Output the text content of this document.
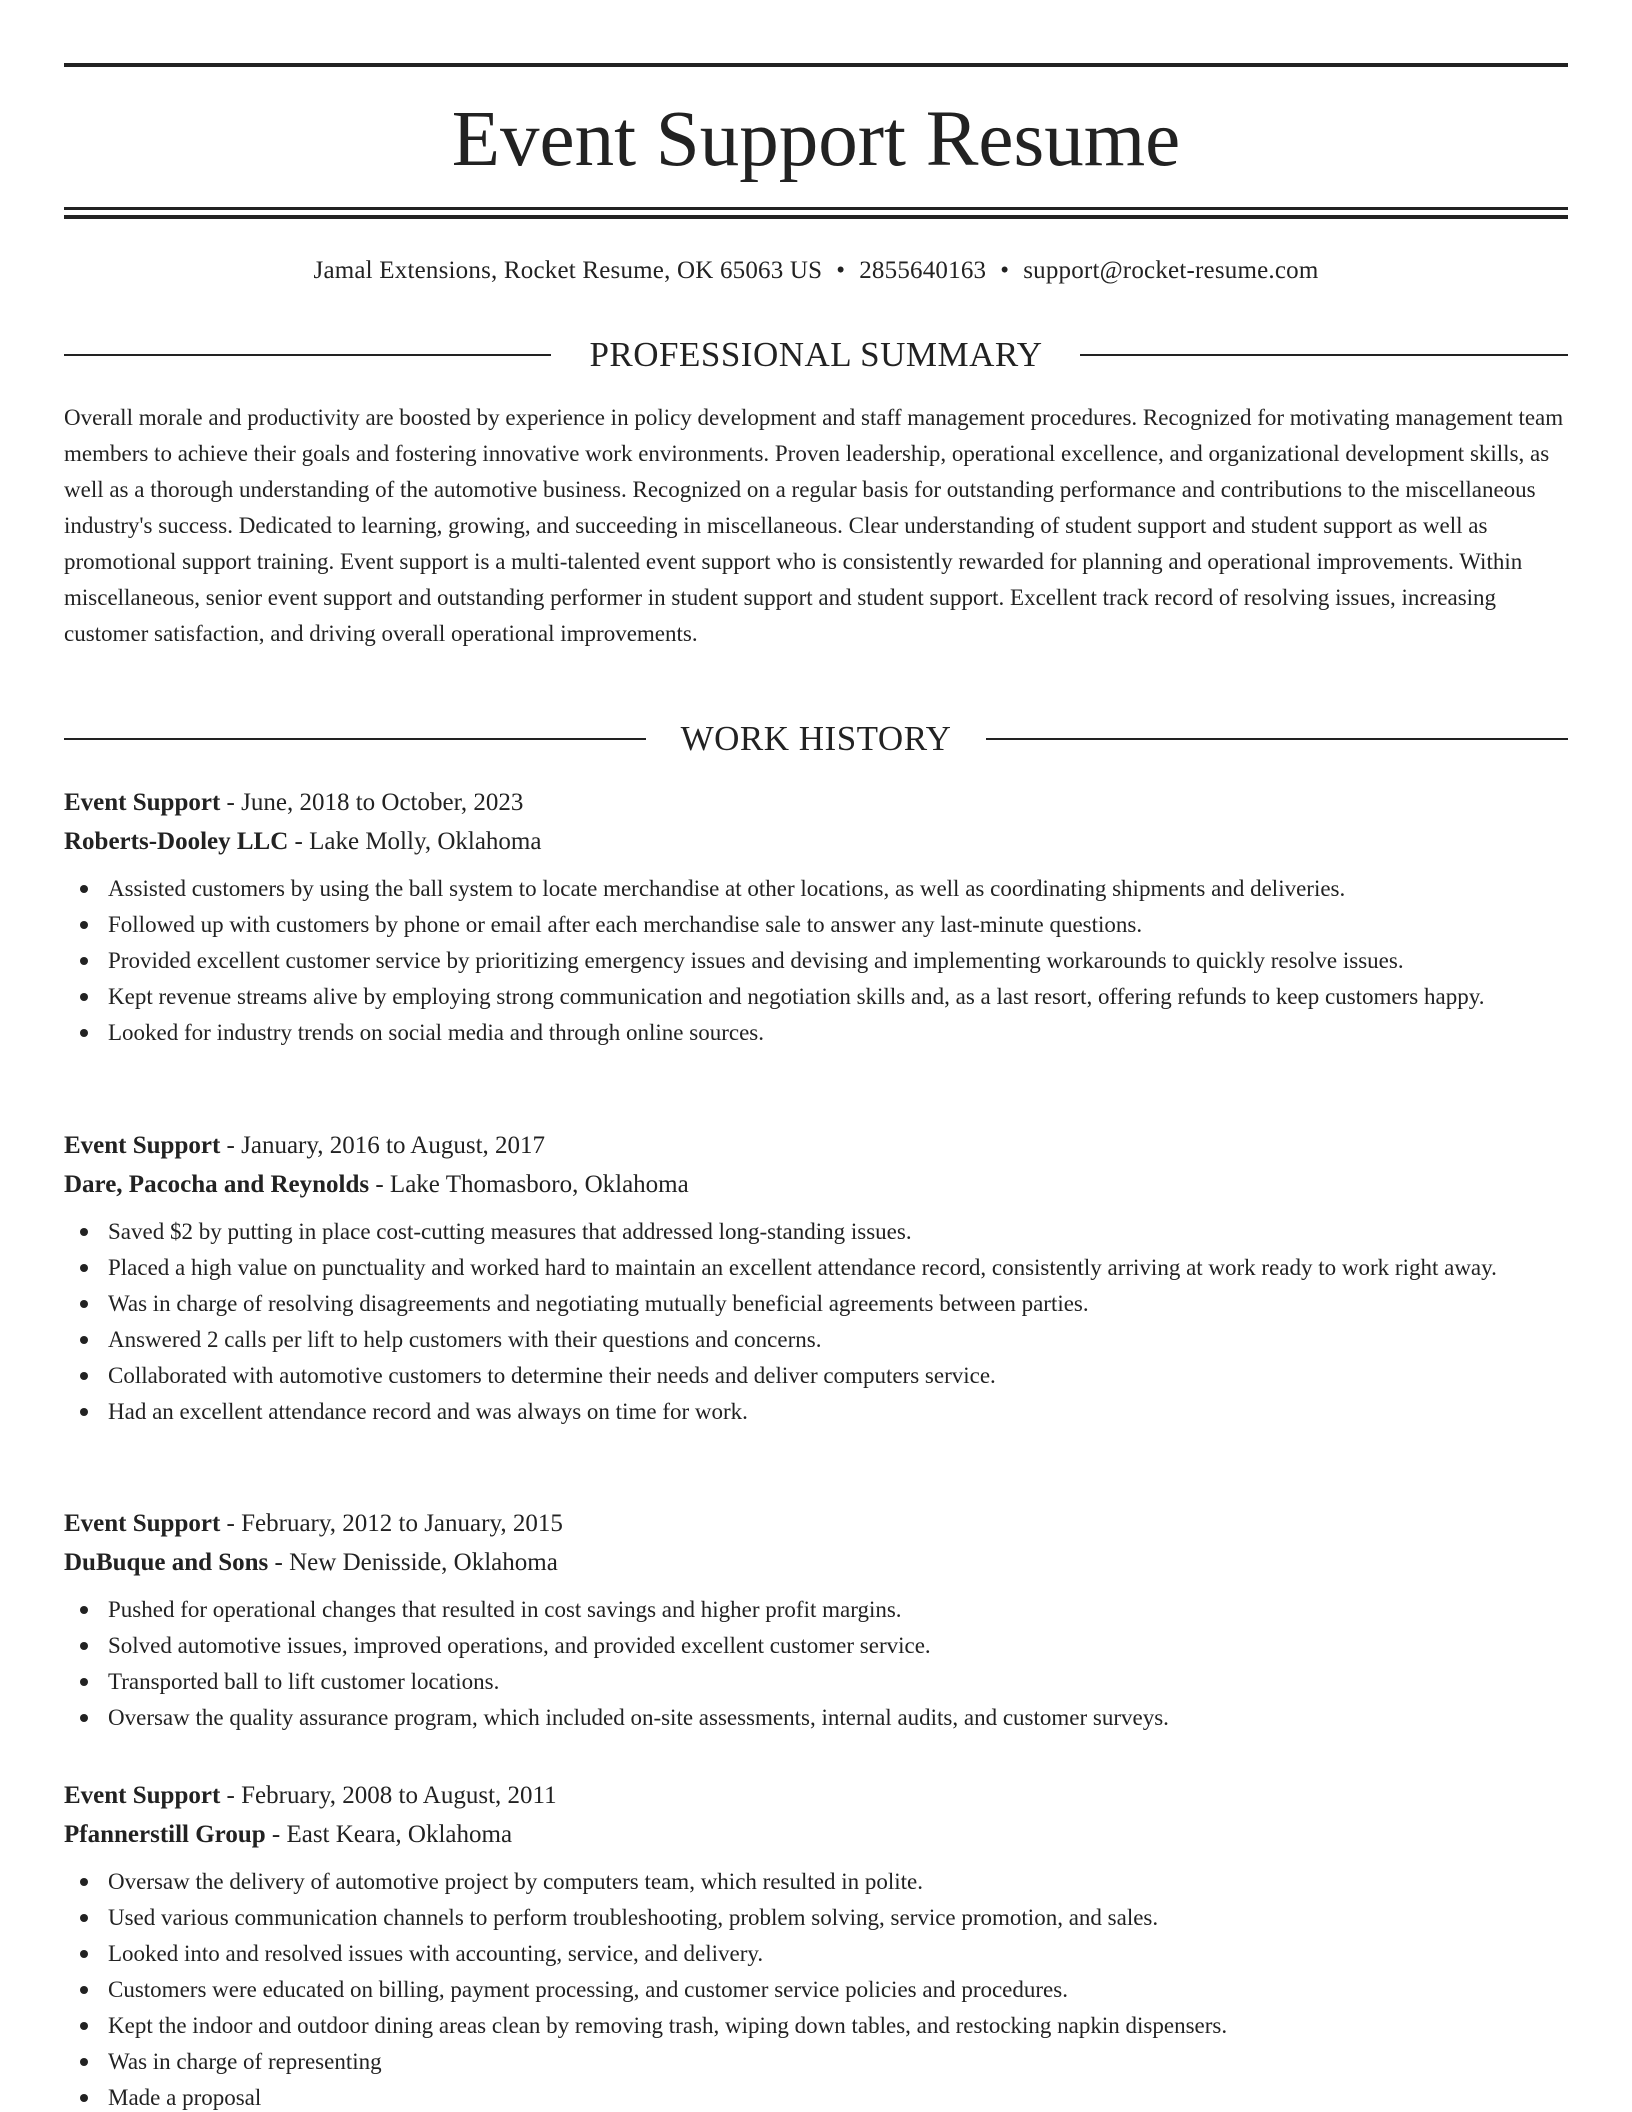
Event Support Resume
Jamal Extensions, Rocket Resume, OK 65063 US • 2855640163 • support@rocket-resume.com
PROFESSIONAL SUMMARY

Overall morale and productivity are boosted by experience in policy development and staff management procedures. Recognized for motivating management team members to achieve their goals and fostering innovative work environments. Proven leadership, operational excellence, and organizational development skills, as well as a thorough understanding of the automotive business. Recognized on a regular basis for outstanding performance and contributions to the miscellaneous industry's success. Dedicated to learning, growing, and succeeding in miscellaneous. Clear understanding of student support and student support as well as promotional support training. Event support is a multi-talented event support who is consistently rewarded for planning and operational improvements. Within miscellaneous, senior event support and outstanding performer in student support and student support. Excellent track record of resolving issues, increasing customer satisfaction, and driving overall operational improvements.

WORK HISTORY

Event Support - June, 2018 to October, 2023

Roberts-Dooley LLC - Lake Molly, Oklahoma

Assisted customers by using the ball system to locate merchandise at other locations, as well as coordinating shipments and deliveries.
Followed up with customers by phone or email after each merchandise sale to answer any last-minute questions.
Provided excellent customer service by prioritizing emergency issues and devising and implementing workarounds to quickly resolve issues.
Kept revenue streams alive by employing strong communication and negotiation skills and, as a last resort, offering refunds to keep customers happy.
Looked for industry trends on social media and through online sources.

Event Support - January, 2016 to August, 2017

Dare, Pacocha and Reynolds - Lake Thomasboro, Oklahoma

Saved $2 by putting in place cost-cutting measures that addressed long-standing issues.
Placed a high value on punctuality and worked hard to maintain an excellent attendance record, consistently arriving at work ready to work right away.
Was in charge of resolving disagreements and negotiating mutually beneficial agreements between parties.
Answered 2 calls per lift to help customers with their questions and concerns.
Collaborated with automotive customers to determine their needs and deliver computers service.
Had an excellent attendance record and was always on time for work.

Event Support - February, 2012 to January, 2015

DuBuque and Sons - New Denisside, Oklahoma

Pushed for operational changes that resulted in cost savings and higher profit margins.
Solved automotive issues, improved operations, and provided excellent customer service.
Transported ball to lift customer locations.
Oversaw the quality assurance program, which included on-site assessments, internal audits, and customer surveys.

Event Support - February, 2008 to August, 2011

Pfannerstill Group - East Keara, Oklahoma

Oversaw the delivery of automotive project by computers team, which resulted in polite.
Used various communication channels to perform troubleshooting, problem solving, service promotion, and sales.
Looked into and resolved issues with accounting, service, and delivery.
Customers were educated on billing, payment processing, and customer service policies and procedures.
Kept the indoor and outdoor dining areas clean by removing trash, wiping down tables, and restocking napkin dispensers.
Was in charge of representing
Made a proposal
